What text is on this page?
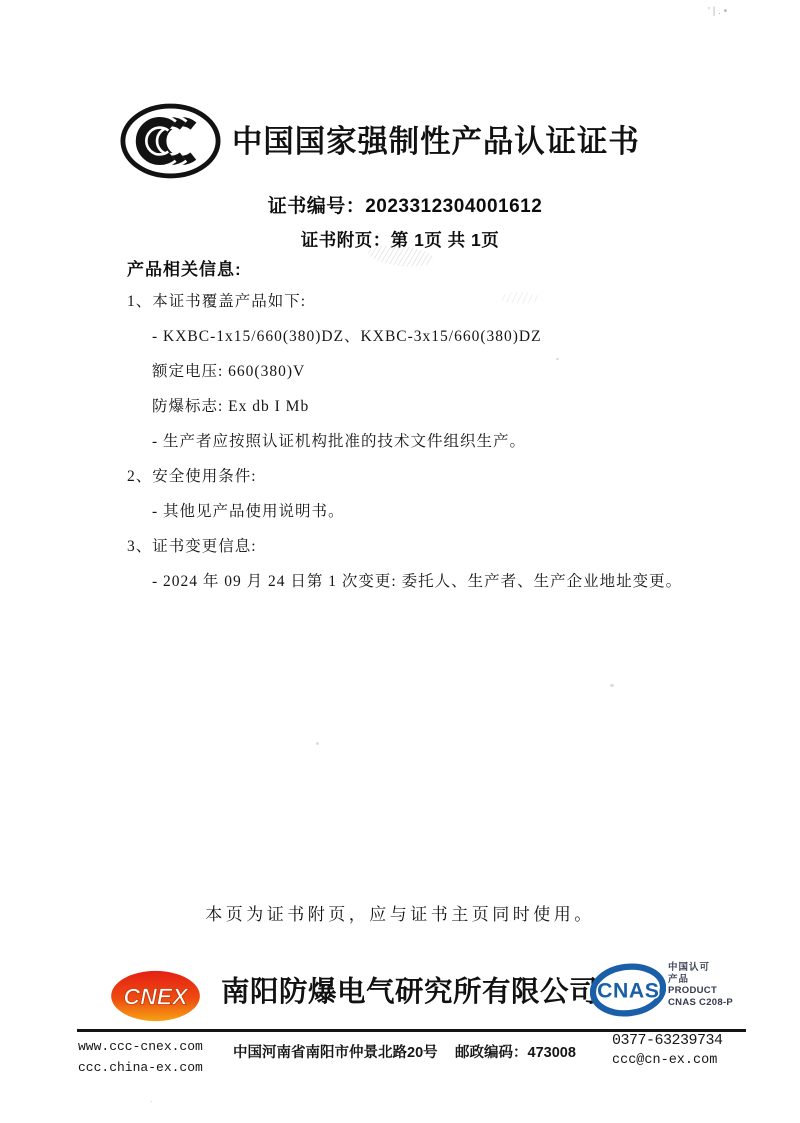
中国国家强制性产品认证证书
证书编号：2023312304001612
证书附页：第 1页 共 1页
产品相关信息:
1、本证书覆盖产品如下:
- KXBC-1x15/660(380)DZ、KXBC-3x15/660(380)DZ
额定电压: 660(380)V
防爆标志: Ex db I Mb
- 生产者应按照认证机构批准的技术文件组织生产。
2、安全使用条件:
- 其他见产品使用说明书。
3、证书变更信息:
- 2024 年 09 月 24 日第 1 次变更: 委托人、生产者、生产企业地址变更。
本页为证书附页，应与证书主页同时使用。
CNEX 南阳防爆电气研究所有限公司 CNAS
中国认可
产品
PRODUCT
CNAS C208-P
www.ccc-cnex.com
ccc.china-ex.com
中国河南省南阳市仲景北路20号 邮政编码：473008
0377-63239734
ccc@cn-ex.com
' | . •
.
